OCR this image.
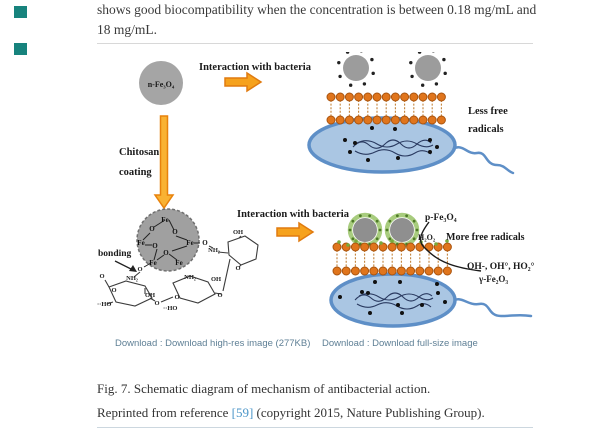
shows good biocompatibility when the concentration is between 0.18 mg/mL and
18 mg/mL.
n-Fe₃O₄
Interaction with bacteria
Chitosan
coating
Less free
radicals
Fe
O	O
Fe O	Fe
Fe	Fe
O
O
bonding
O
O
NH₂
OH
··HO
O
O
NH₂ OH
O
··HO
O
OH
NH₂
O
Interaction with bacteria	p-Fe₃O₄
H₂O₂ More free radicals
OH-, OH°, HO₂°
γ-Fe₂O₃
Download : Download high-res image (277KB) Download : Download full-size image
Fig. 7. Schematic diagram of mechanism of antibacterial action.
Reprinted from reference [59] (copyright 2015, Nature Publishing Group).
